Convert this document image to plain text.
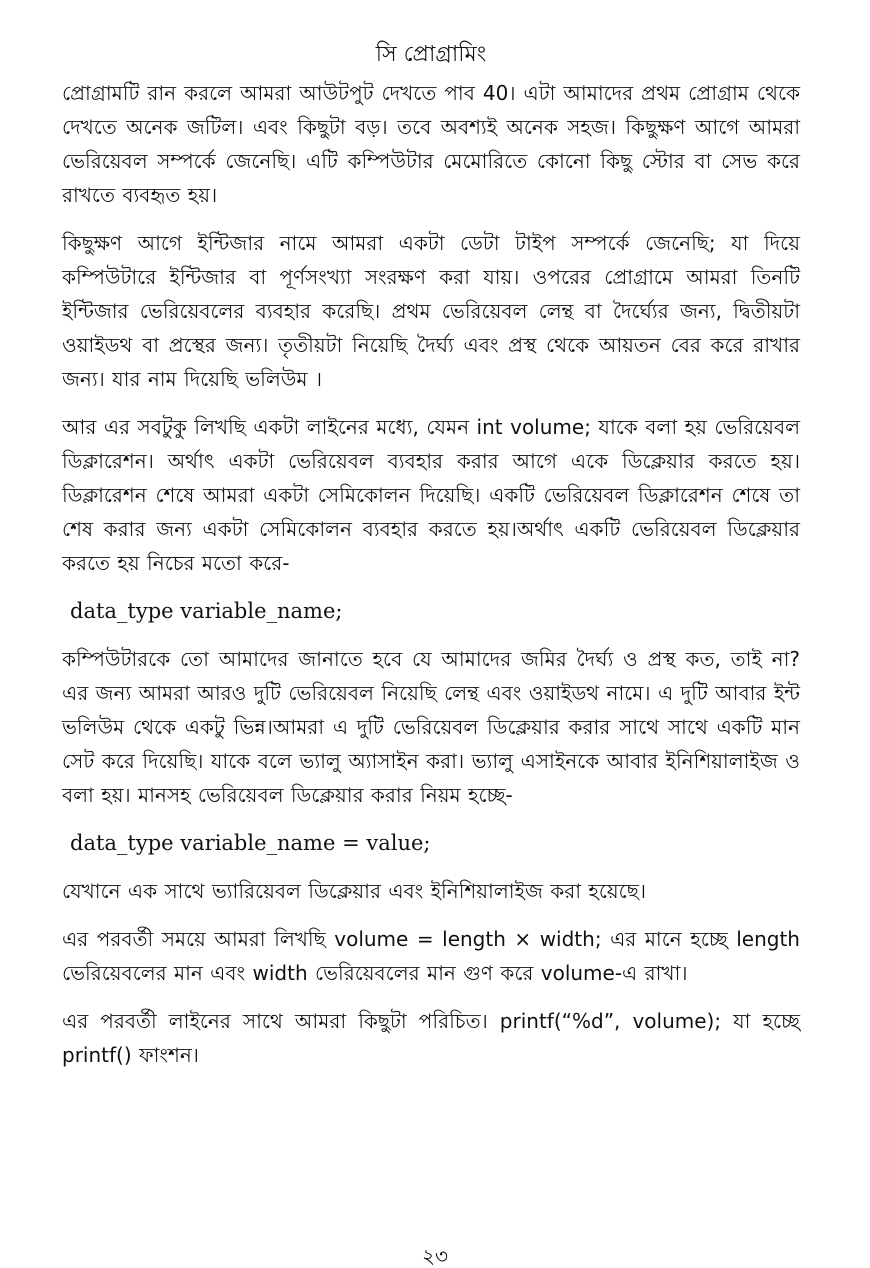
সি প্রোগ্রামিং

প্রোগ্রামটি রান করলে আমরা আউটপুট দেখতে পাব 40। এটা আমাদের প্রথম প্রোগ্রাম থেকে দেখতে অনেক জটিল। এবং কিছুটা বড়। তবে অবশ্যই অনেক সহজ। কিছুক্ষণ আগে আমরা ভেরিয়েবল সম্পর্কে জেনেছি। এটি কম্পিউটার মেমোরিতে কোনো কিছু স্টোর বা সেভ করে রাখতে ব্যবহৃত হয়।

কিছুক্ষণ আগে ইন্টিজার নামে আমরা একটা ডেটা টাইপ সম্পর্কে জেনেছি; যা দিয়ে কম্পিউটারে ইন্টিজার বা পূর্ণসংখ্যা সংরক্ষণ করা যায়। ওপরের প্রোগ্রামে আমরা তিনটি ইন্টিজার ভেরিয়েবলের ব্যবহার করেছি। প্রথম ভেরিয়েবল লেন্থ বা দৈর্ঘ্যের জন্য, দ্বিতীয়টা ওয়াইডথ বা প্রস্থের জন্য। তৃতীয়টা নিয়েছি দৈর্ঘ্য এবং প্রস্থ থেকে আয়তন বের করে রাখার জন্য। যার নাম দিয়েছি ভলিউম ।

আর এর সবটুকু লিখছি একটা লাইনের মধ্যে, যেমন int volume; যাকে বলা হয় ভেরিয়েবল ডিক্লারেশন। অর্থাৎ একটা ভেরিয়েবল ব্যবহার করার আগে একে ডিক্লেয়ার করতে হয়। ডিক্লারেশন শেষে আমরা একটা সেমিকোলন দিয়েছি। একটি ভেরিয়েবল ডিক্লারেশন শেষে তা শেষ করার জন্য একটা সেমিকোলন ব্যবহার করতে হয়।অর্থাৎ একটি ভেরিয়েবল ডিক্লেয়ার করতে হয় নিচের মতো করে-

data_type variable_name;

কম্পিউটারকে তো আমাদের জানাতে হবে যে আমাদের জমির দৈর্ঘ্য ও প্রস্থ কত, তাই না? এর জন্য আমরা আরও দুটি ভেরিয়েবল নিয়েছি লেন্থ এবং ওয়াইডথ নামে। এ দুটি আবার ইন্ট ভলিউম থেকে একটু ভিন্ন।আমরা এ দুটি ভেরিয়েবল ডিক্লেয়ার করার সাথে সাথে একটি মান সেট করে দিয়েছি। যাকে বলে ভ্যালু অ্যাসাইন করা। ভ্যালু এসাইনকে আবার ইনিশিয়ালাইজ ও বলা হয়। মানসহ ভেরিয়েবল ডিক্লেয়ার করার নিয়ম হচ্ছে-

data_type variable_name = value;

যেখানে এক সাথে ভ্যারিয়েবল ডিক্লেয়ার এবং ইনিশিয়ালাইজ করা হয়েছে।

এর পরবর্তী সময়ে আমরা লিখছি volume = length × width; এর মানে হচ্ছে length ভেরিয়েবলের মান এবং width ভেরিয়েবলের মান গুণ করে volume-এ রাখা।

এর পরবর্তী লাইনের সাথে আমরা কিছুটা পরিচিত। printf(“%d”, volume); যা হচ্ছে printf() ফাংশন।

২৩
